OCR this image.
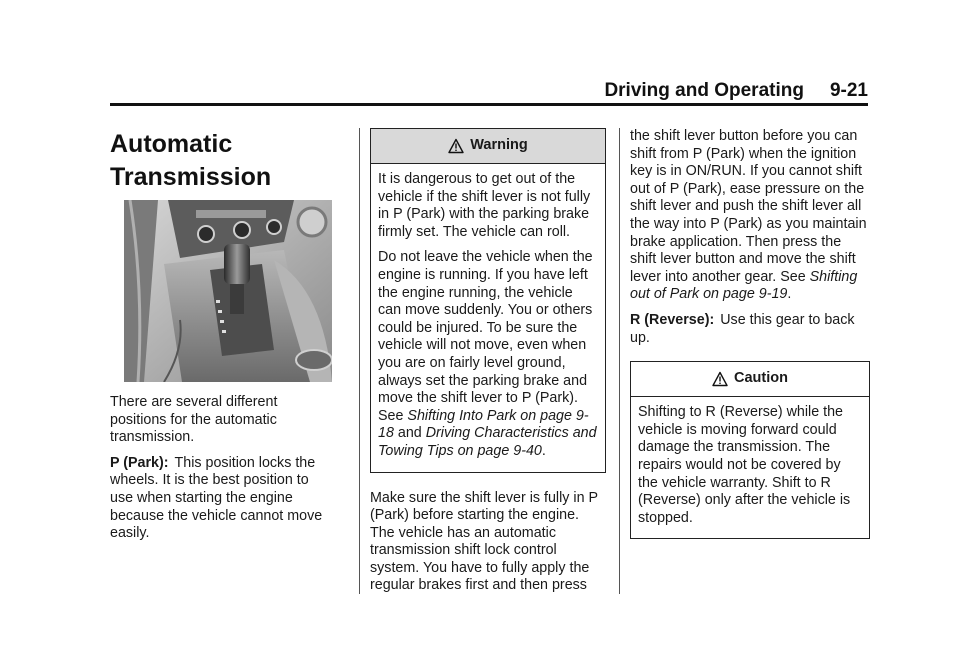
Driving and Operating 9-21
Automatic
Transmission

There are several different positions for the automatic transmission.

P (Park): This position locks the wheels. It is the best position to use when starting the engine because the vehicle cannot move easily.

Warning

It is dangerous to get out of the vehicle if the shift lever is not fully in P (Park) with the parking brake firmly set. The vehicle can roll.

Do not leave the vehicle when the engine is running. If you have left the engine running, the vehicle can move suddenly. You or others could be injured. To be sure the vehicle will not move, even when you are on fairly level ground, always set the parking brake and move the shift lever to P (Park). See Shifting Into Park on page 9-18 and Driving Characteristics and Towing Tips on page 9-40.

Make sure the shift lever is fully in P (Park) before starting the engine. The vehicle has an automatic transmission shift lock control system. You have to fully apply the regular brakes first and then press

the shift lever button before you can shift from P (Park) when the ignition key is in ON/RUN. If you cannot shift out of P (Park), ease pressure on the shift lever and push the shift lever all the way into P (Park) as you maintain brake application. Then press the shift lever button and move the shift lever into another gear. See Shifting out of Park on page 9-19.

R (Reverse): Use this gear to back up.

Caution

Shifting to R (Reverse) while the vehicle is moving forward could damage the transmission. The repairs would not be covered by the vehicle warranty. Shift to R (Reverse) only after the vehicle is stopped.
